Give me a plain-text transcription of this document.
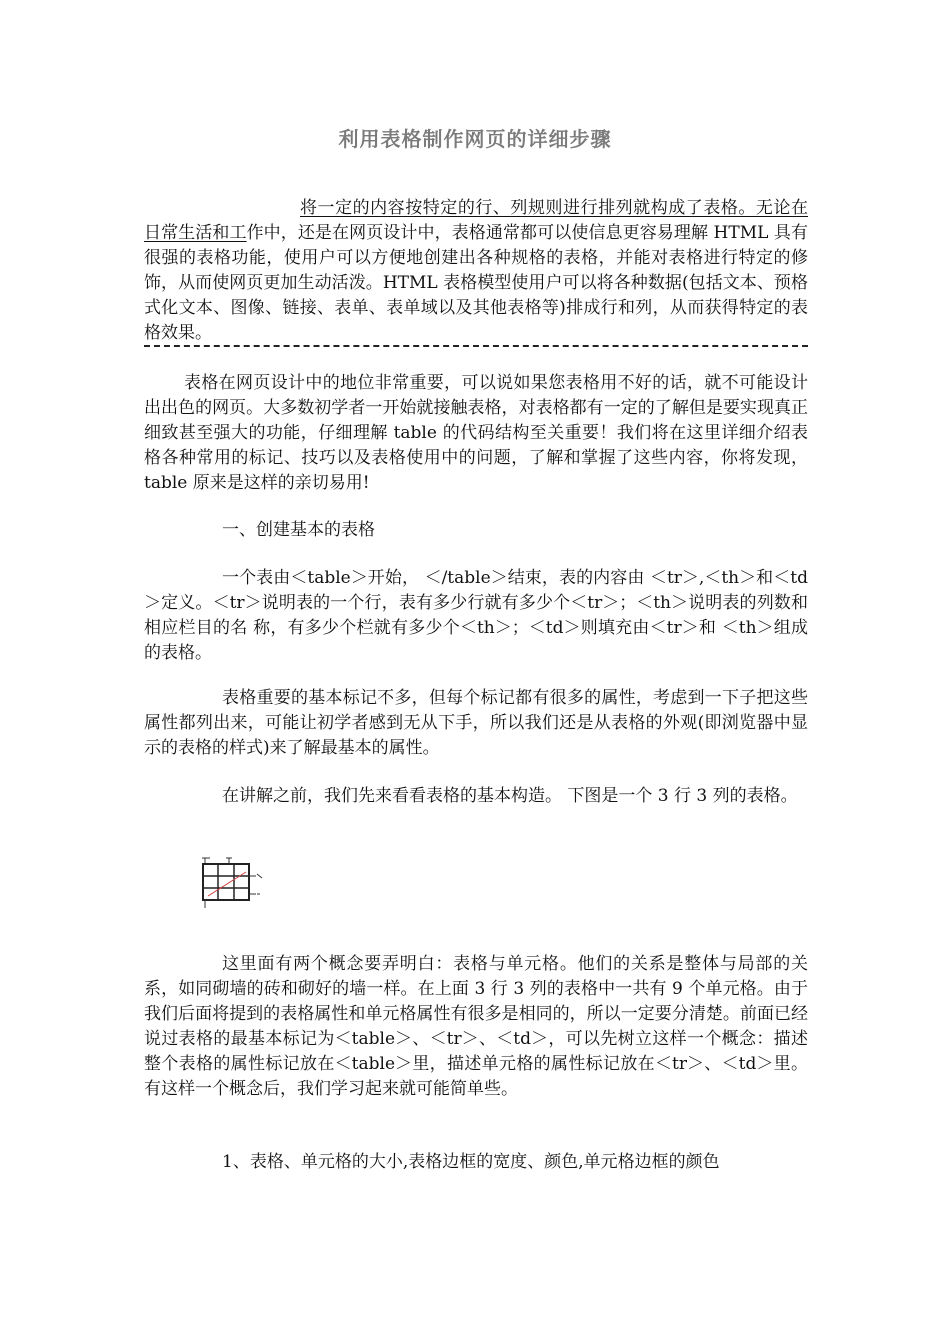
利用表格制作网页的详细步骤

将一定的内容按特定的行、列规则进行排列就构成了表格。无论在日常生活和工作中，还是在网页设计中，表格通常都可以使信息更容易理解 HTML 具有很强的表格功能，使用户可以方便地创建出各种规格的表格，并能对表格进行特定的修饰，从而使网页更加生动活泼。HTML 表格模型使用户可以将各种数据(包括文本、预格式化文本、图像、链接、表单、表单域以及其他表格等)排成行和列，从而获得特定的表格效果。

表格在网页设计中的地位非常重要，可以说如果您表格用不好的话，就不可能设计出出色的网页。大多数初学者一开始就接触表格，对表格都有一定的了解但是要实现真正细致甚至强大的功能，仔细理解 table 的代码结构至关重要！我们将在这里详细介绍表格各种常用的标记、技巧以及表格使用中的问题，了解和掌握了这些内容，你将发现，table 原来是这样的亲切易用!

一、创建基本的表格

一个表由＜table＞开始， ＜/table＞结束，表的内容由 ＜tr＞,＜th＞和＜td＞定义。＜tr＞说明表的一个行，表有多少行就有多少个＜tr＞；＜th＞说明表的列数和相应栏目的名 称，有多少个栏就有多少个＜th＞；＜td＞则填充由＜tr＞和 ＜th＞组成的表格。

表格重要的基本标记不多，但每个标记都有很多的属性，考虑到一下子把这些属性都列出来，可能让初学者感到无从下手，所以我们还是从表格的外观(即浏览器中显示的表格的样式)来了解最基本的属性。

在讲解之前，我们先来看看表格的基本构造。 下图是一个 3 行 3 列的表格。

这里面有两个概念要弄明白：表格与单元格。他们的关系是整体与局部的关系，如同砌墙的砖和砌好的墙一样。在上面 3 行 3 列的表格中一共有 9 个单元格。由于我们后面将提到的表格属性和单元格属性有很多是相同的，所以一定要分清楚。前面已经说过表格的最基本标记为＜table＞、＜tr＞、＜td＞，可以先树立这样一个概念：描述整个表格的属性标记放在＜table＞里，描述单元格的属性标记放在＜tr＞、＜td＞里。 有这样一个概念后，我们学习起来就可能简单些。

1、表格、单元格的大小,表格边框的宽度、颜色,单元格边框的颜色
